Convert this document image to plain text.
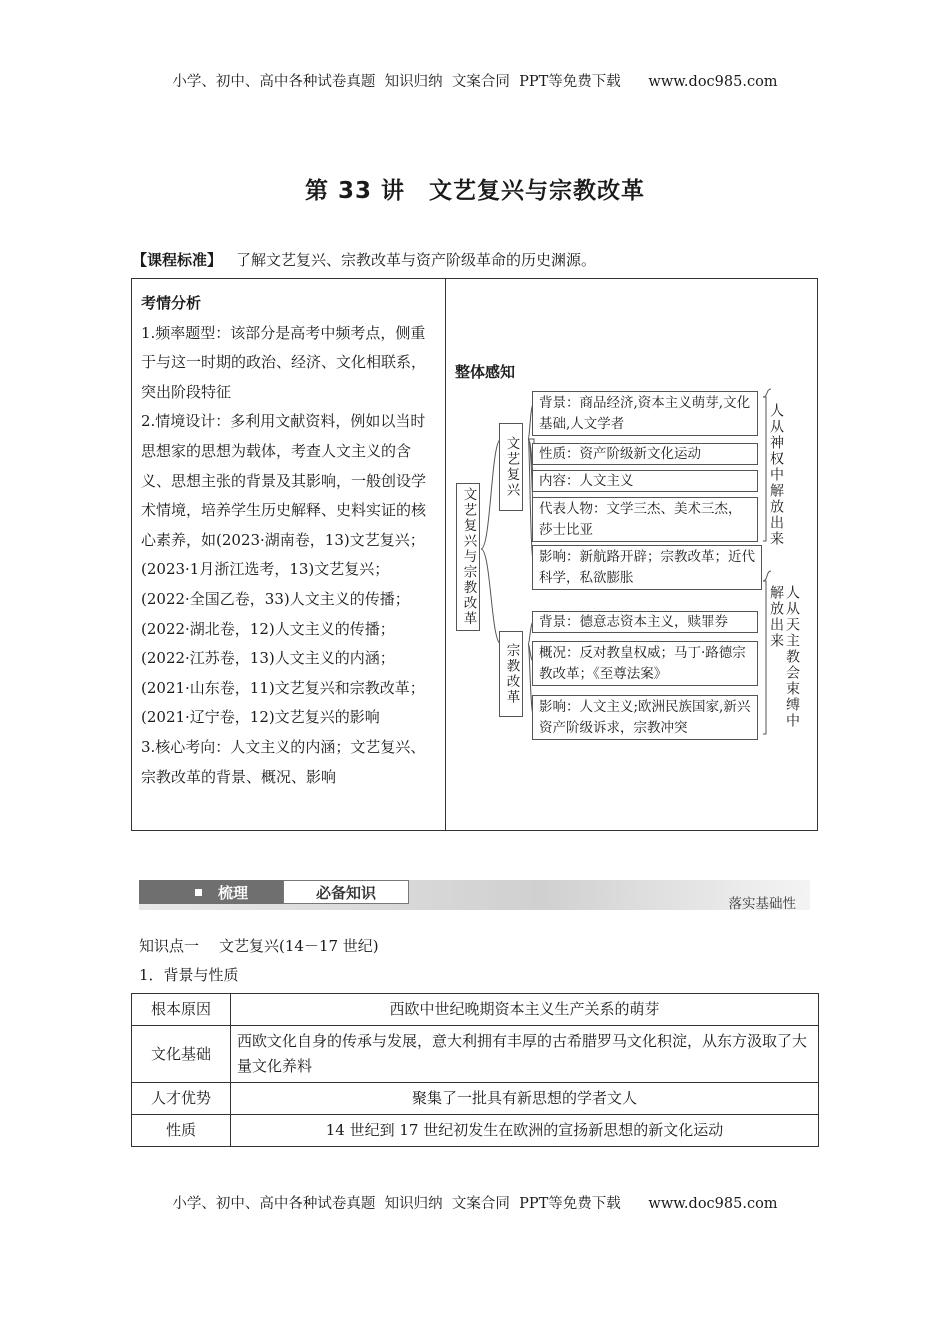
小学、初中、高中各种试卷真题  知识归纳  文案合同  PPT等免费下载      www.doc985.com
第 33 讲　文艺复兴与宗教改革
【课程标准】 了解文艺复兴、宗教改革与资产阶级革命的历史渊源。

考情分析

1.频率题型：该部分是高考中频考点，侧重于与这一时期的政治、经济、文化相联系，突出阶段特征

2.情境设计：多利用文献资料，例如以当时思想家的思想为载体，考查人文主义的含义、思想主张的背景及其影响，一般创设学术情境，培养学生历史解释、史料实证的核心素养，如(2023·湖南卷，13)文艺复兴；(2023·1月浙江选考，13)文艺复兴；(2022·全国乙卷，33)人文主义的传播；(2022·湖北卷，12)人文主义的传播；(2022·江苏卷，13)人文主义的内涵；(2021·山东卷，11)文艺复兴和宗教改革；(2021·辽宁卷，12)文艺复兴的影响

3.核心考向：人文主义的内涵；文艺复兴、宗教改革的背景、概况、影响

整体感知
文艺复兴与宗教改革
文艺复兴
宗教改革
背景：商品经济,资本主义萌芽,文化基础,人文学者
性质：资产阶级新文化运动
内容：人文主义
代表人物：文学三杰、美术三杰，莎士比亚
影响：新航路开辟；宗教改革；近代科学，私欲膨胀
背景：德意志资本主义，赎罪券
概况：反对教皇权威；马丁·路德宗教改革；《至尊法案》
影响：人文主义;欧洲民族国家,新兴资产阶级诉求，宗教冲突
人从神权中解放出来
人从天主教会束缚中解放出来
梳理	必备知识
落实基础性
知识点一 文艺复兴(14－17 世纪)
1．背景与性质
根本原因	西欧中世纪晚期资本主义生产关系的萌芽
文化基础	西欧文化自身的传承与发展，意大利拥有丰厚的古希腊罗马文化积淀，从东方汲取了大量文化养料
人才优势	聚集了一批具有新思想的学者文人
性质	14 世纪到 17 世纪初发生在欧洲的宣扬新思想的新文化运动
小学、初中、高中各种试卷真题  知识归纳  文案合同  PPT等免费下载      www.doc985.com
